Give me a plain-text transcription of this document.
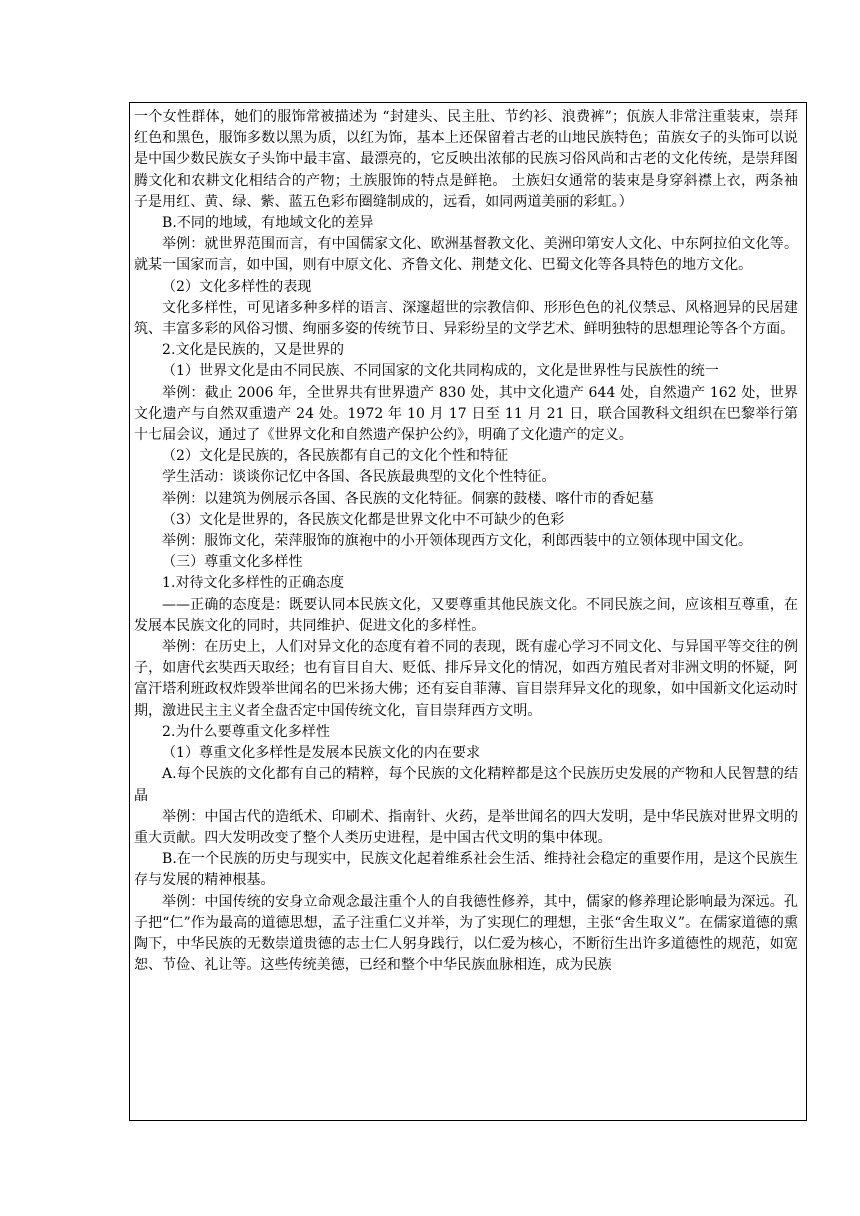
一个女性群体，她们的服饰常被描述为 “封建头、民主肚、节约衫、浪费裤”；佤族人非常注重装束，崇拜红色和黑色，服饰多数以黑为质，以红为饰，基本上还保留着古老的山地民族特色；苗族女子的头饰可以说是中国少数民族女子头饰中最丰富、最漂亮的，它反映出浓郁的民族习俗风尚和古老的文化传统，是崇拜图腾文化和农耕文化相结合的产物；土族服饰的特点是鲜艳。 土族妇女通常的装束是身穿斜襟上衣，两条袖子是用红、黄、绿、紫、蓝五色彩布圈缝制成的，远看，如同两道美丽的彩虹。）

B.不同的地域，有地域文化的差异

举例：就世界范围而言，有中国儒家文化、欧洲基督教文化、美洲印第安人文化、中东阿拉伯文化等。就某一国家而言，如中国，则有中原文化、齐鲁文化、荆楚文化、巴蜀文化等各具特色的地方文化。

（2）文化多样性的表现

文化多样性，可见诸多种多样的语言、深邃超世的宗教信仰、形形色色的礼仪禁忌、风格迥异的民居建筑、丰富多彩的风俗习惯、绚丽多姿的传统节日、异彩纷呈的文学艺术、鲜明独特的思想理论等各个方面。

2.文化是民族的，又是世界的

（1）世界文化是由不同民族、不同国家的文化共同构成的，文化是世界性与民族性的统一

举例：截止 2006 年，全世界共有世界遗产 830 处，其中文化遗产 644 处，自然遗产 162 处，世界文化遗产与自然双重遗产 24 处。1972 年 10 月 17 日至 11 月 21 日，联合国教科文组织在巴黎举行第十七届会议，通过了《世界文化和自然遗产保护公约》，明确了文化遗产的定义。

（2）文化是民族的，各民族都有自己的文化个性和特征

学生活动：谈谈你记忆中各国、各民族最典型的文化个性特征。

举例：以建筑为例展示各国、各民族的文化特征。侗寨的鼓楼、喀什市的香妃墓

（3）文化是世界的，各民族文化都是世界文化中不可缺少的色彩

举例：服饰文化，荣萍服饰的旗袍中的小开领体现西方文化，利郎西装中的立领体现中国文化。

（三）尊重文化多样性

1.对待文化多样性的正确态度

——正确的态度是：既要认同本民族文化，又要尊重其他民族文化。不同民族之间，应该相互尊重，在发展本民族文化的同时，共同维护、促进文化的多样性。

举例：在历史上，人们对异文化的态度有着不同的表现，既有虚心学习不同文化、与异国平等交往的例子，如唐代玄奘西天取经；也有盲目自大、贬低、排斥异文化的情况，如西方殖民者对非洲文明的怀疑，阿富汗塔利班政权炸毁举世闻名的巴米扬大佛；还有妄自菲薄、盲目崇拜异文化的现象，如中国新文化运动时期，激进民主主义者全盘否定中国传统文化，盲目崇拜西方文明。

2.为什么要尊重文化多样性

（1）尊重文化多样性是发展本民族文化的内在要求

A.每个民族的文化都有自己的精粹，每个民族的文化精粹都是这个民族历史发展的产物和人民智慧的结晶

举例：中国古代的造纸术、印刷术、指南针、火药，是举世闻名的四大发明，是中华民族对世界文明的重大贡献。四大发明改变了整个人类历史进程，是中国古代文明的集中体现。

B.在一个民族的历史与现实中，民族文化起着维系社会生活、维持社会稳定的重要作用，是这个民族生存与发展的精神根基。

举例：中国传统的安身立命观念最注重个人的自我德性修养，其中，儒家的修养理论影响最为深远。孔子把“仁”作为最高的道德思想，孟子注重仁义并举，为了实现仁的理想，主张“舍生取义”。在儒家道德的熏陶下，中华民族的无数崇道贵德的志士仁人躬身践行，以仁爱为核心，不断衍生出许多道德性的规范，如宽恕、节俭、礼让等。这些传统美德，已经和整个中华民族血脉相连，成为民族
